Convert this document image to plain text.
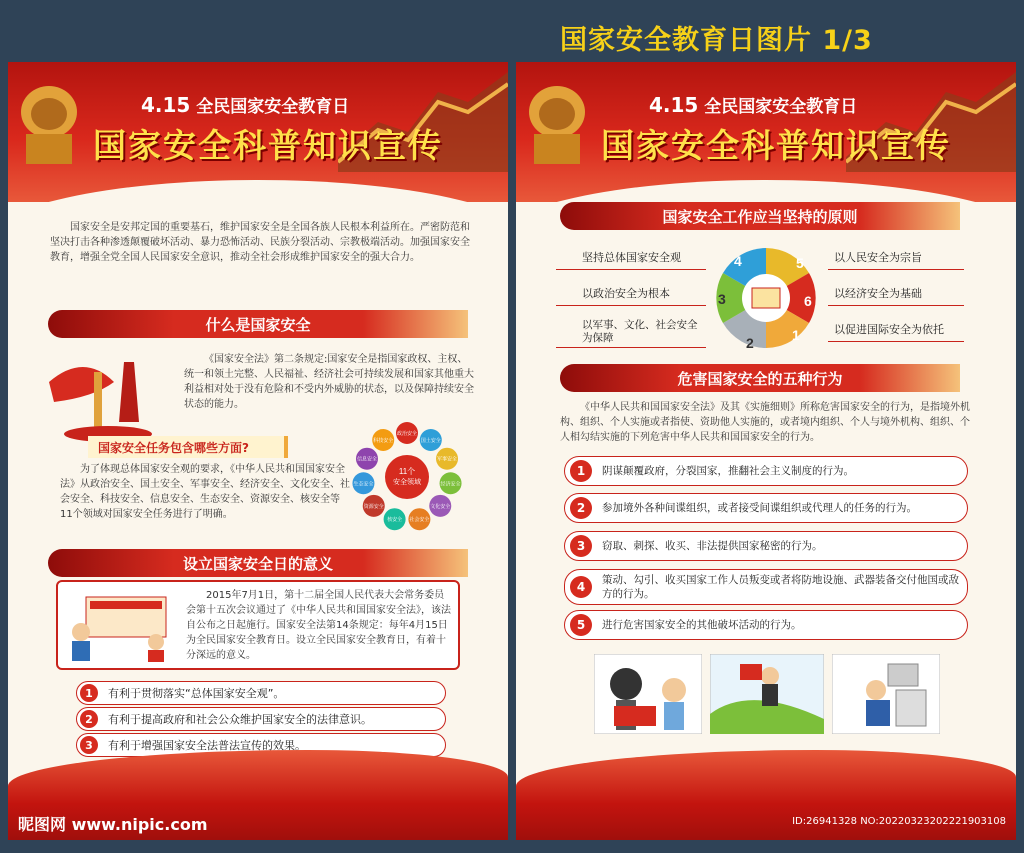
国家安全教育日图片 1/3
4.15 全民国家安全教育日
国家安全科普知识宣传

国家安全是安邦定国的重要基石，维护国家安全是全国各族人民根本利益所在。严密防范和坚决打击各种渗透颠覆破坏活动、暴力恐怖活动、民族分裂活动、宗教极端活动。加强国家安全教育，增强全党全国人民国家安全意识，推动全社会形成维护国家安全的强大合力。

什么是国家安全

《国家安全法》第二条规定:国家安全是指国家政权、主权、统一和领土完整、人民福祉、经济社会可持续发展和国家其他重大利益相对处于没有危险和不受内外威胁的状态，以及保障持续安全状态的能力。

国家安全任务包含哪些方面?

为了体现总体国家安全观的要求，《中华人民共和国国家安全法》从政治安全、国土安全、军事安全、经济安全、文化安全、社会安全、科技安全、信息安全、生态安全、资源安全、核安全等11个领域对国家安全任务进行了明确。

11个
安全领域
政治安全
国土安全
军事安全
经济安全
文化安全
社会安全
核安全
资源安全
生态安全
信息安全
科技安全
设立国家安全日的意义

2015年7月1日，第十二届全国人民代表大会常务委员会第十五次会议通过了《中华人民共和国国家安全法》，该法自公布之日起施行。国家安全法第14条规定：每年4月15日为全民国家安全教育日。设立全民国家安全教育日，有着十分深远的意义。

1	有利于贯彻落实“总体国家安全观”。
2	有利于提高政府和社会公众维护国家安全的法律意识。
3	有利于增强国家安全法普法宣传的效果。
昵图网 www.nipic.com
4.15 全民国家安全教育日
国家安全科普知识宣传
国家安全工作应当坚持的原则
坚持总体国家安全观
以政治安全为根本
以军事、文化、社会安全为保障
5
6
1
2
3
4	以人民安全为宗旨
以经济安全为基础
以促进国际安全为依托
危害国家安全的五种行为

《中华人民共和国国家安全法》及其《实施细则》所称危害国家安全的行为，是指境外机构、组织、个人实施或者指使、资助他人实施的，或者境内组织、个人与境外机构、组织、个人相勾结实施的下列危害中华人民共和国国家安全的行为。

1	阴谋颠覆政府，分裂国家，推翻社会主义制度的行为。
2	参加境外各种间谍组织，或者接受间谍组织或代理人的任务的行为。
3	窃取、刺探、收买、非法提供国家秘密的行为。
4	策动、勾引、收买国家工作人员叛变或者将防地设施、武器装备交付他国或敌方的行为。
5	进行危害国家安全的其他破坏活动的行为。
ID:26941328 NO:20220323202221903108
